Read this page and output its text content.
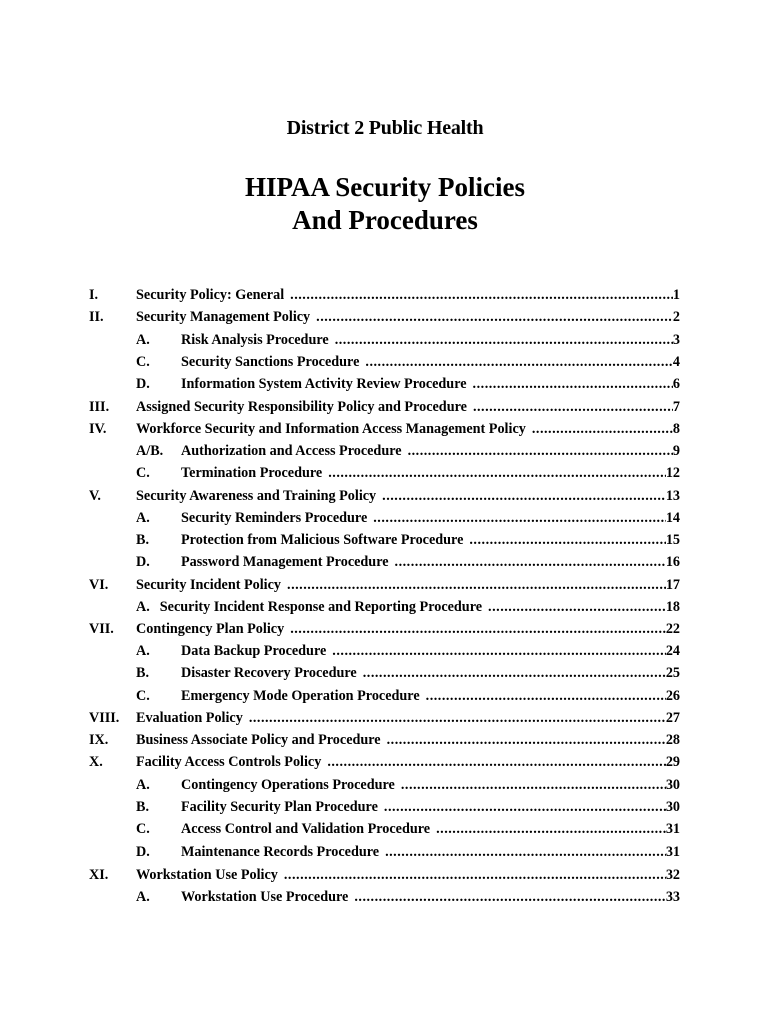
District 2 Public Health
HIPAA Security Policies
And Procedures
I.	Security Policy: General .....	1
II. Security Management Policy .....	2
A. Risk Analysis Procedure .....	3
C. Security Sanctions Procedure .....	4
D. Information System Activity Review Procedure .....	6
III. Assigned Security Responsibility Policy and Procedure .....	7
IV. Workforce Security and Information Access Management Policy .....	8
A/B. Authorization and Access Procedure .....	9
C. Termination Procedure .....	12
V. Security Awareness and Training Policy .....	13
A. Security Reminders Procedure .....	14
B. Protection from Malicious Software Procedure .....	15
D. Password Management Procedure .....	16
VI. Security Incident Policy .....	17
A. Security Incident Response and Reporting Procedure .....	18
VII. Contingency Plan Policy .....	22
A. Data Backup Procedure .....	24
B. Disaster Recovery Procedure .....	25
C. Emergency Mode Operation Procedure .....	26
VIII. Evaluation Policy .....	27
IX. Business Associate Policy and Procedure .....	28
X. Facility Access Controls Policy .....	29
A. Contingency Operations Procedure .....	30
B. Facility Security Plan Procedure .....	30
C. Access Control and Validation Procedure .....	31
D. Maintenance Records Procedure .....	31
XI. Workstation Use Policy .....	32
A. Workstation Use Procedure .....	33
